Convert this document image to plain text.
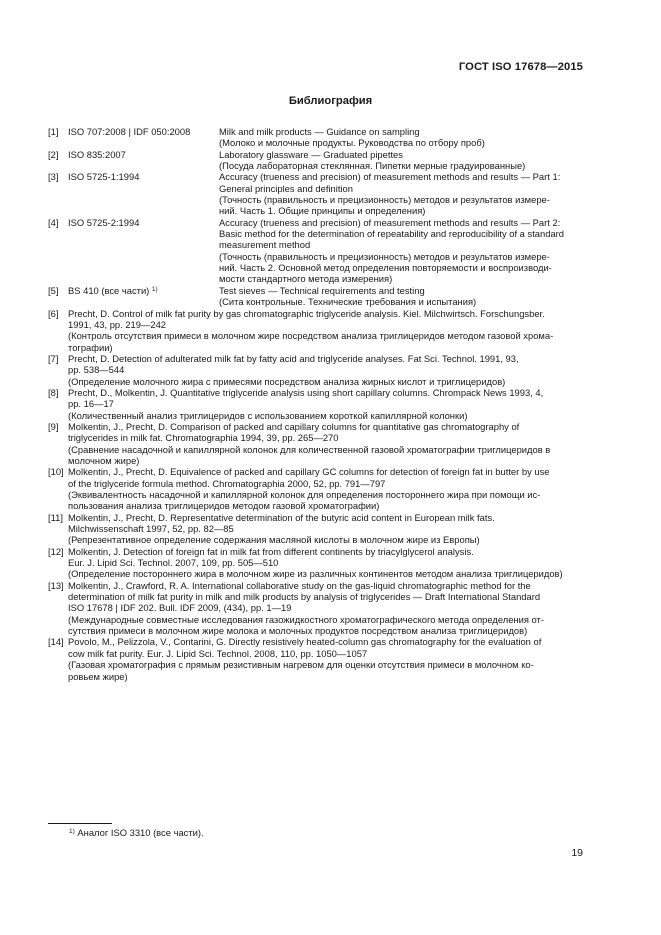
ГОСТ ISO 17678—2015
Библиография
[1] ISO 707:2008 | IDF 050:2008	Milk and milk products — Guidance on sampling
(Молоко и молочные продукты. Руководства по отбору проб)
[2] ISO 835:2007	Laboratory glassware — Graduated pipettes
(Посуда лабораторная стеклянная. Пипетки мерные градуированные)
[3] ISO 5725-1:1994	Accuracy (trueness and precision) of measurement methods and results — Part 1:
General principles and definition
(Точность (правильность и прецизионность) методов и результатов измере-
ний. Часть 1. Общие принципы и определения)
[4] ISO 5725-2:1994	Accuracy (trueness and precision) of measurement methods and results — Part 2:
Basic method for the determination of repeatability and reproducibility of a standard
measurement method
(Точность (правильность и прецизионность) методов и результатов измере-
ний. Часть 2. Основной метод определения повторяемости и воспроизводи-
мости стандартного метода измерения)
[5] BS 410 (все части) $^{1)}$	Test sieves — Technical requirements and testing
(Сита контрольные. Технические требования и испытания)
[6] Precht, D. Control of milk fat purity by gas chromatographic triglyceride analysis. Kiel. Milchwirtsch. Forschungsber.
1991, 43, pp. 219—242
(Контроль отсутствия примеси в молочном жире посредством анализа триглицеридов методом газовой хрома-
тографии)
[7] Precht, D. Detection of adulterated milk fat by fatty acid and triglyceride analyses. Fat Sci. Technol. 1991, 93,
pp. 538—544
(Определение молочного жира с примесями посредством анализа жирных кислот и триглицеридов)
[8] Precht, D., Molkentin, J. Quantitative triglyceride analysis using short capillary columns. Chrompack News 1993, 4,
pp. 16—17
(Количественный анализ триглицеридов с использованием короткой капиллярной колонки)
[9] Molkentin, J., Precht, D. Comparison of packed and capillary columns for quantitative gas chromatography of
triglycerides in milk fat. Chromatographia 1994, 39, pp. 265—270
(Сравнение насадочной и капиллярной колонок для количественной газовой хроматографии триглицеридов в
молочном жире)
[10] Molkentin, J., Precht, D. Equivalence of packed and capillary GC columns for detection of foreign fat in butter by use
of the triglyceride formula method. Chromatographia 2000, 52, pp. 791—797
(Эквивалентность насадочной и капиллярной колонок для определения постороннего жира при помощи ис-
пользования анализа триглицеридов методом газовой хроматографии)
[11] Molkentin, J., Precht, D. Representative determination of the butyric acid content in European milk fats.
Milchwissenschaft 1997, 52, pp. 82—85
(Репрезентативное определение содержания масляной кислоты в молочном жире из Европы)
[12] Molkentin, J. Detection of foreign fat in milk fat from different continents by triacylglycerol analysis.
Eur. J. Lipid Sci. Technol. 2007, 109, pp. 505—510
(Определение постороннего жира в молочном жире из различных континентов методом анализа триглицеридов)
[13] Molkentin, J., Crawford, R. A. International collaborative study on the gas-liquid chromatographic method for the
determination of milk fat purity in milk and milk products by analysis of triglycerides — Draft International Standard
ISO 17678 | IDF 202. Bull. IDF 2009, (434), pp. 1—19
(Международные совместные исследования газожидкостного хроматографического метода определения от-
сутствия примеси в молочном жире молока и молочных продуктов посредством анализа триглицеридов)
[14] Povolo, M., Pelizzola, V., Contarini, G. Directly resistively heated-column gas chromatography for the evaluation of
cow milk fat purity. Eur. J. Lipid Sci. Technol. 2008, 110, pp. 1050—1057
(Газовая хроматография с прямым резистивным нагревом для оценки отсутствия примеси в молочном ко-
ровьем жире)
$^{1)}$ Аналог ISO 3310 (все части).
19
